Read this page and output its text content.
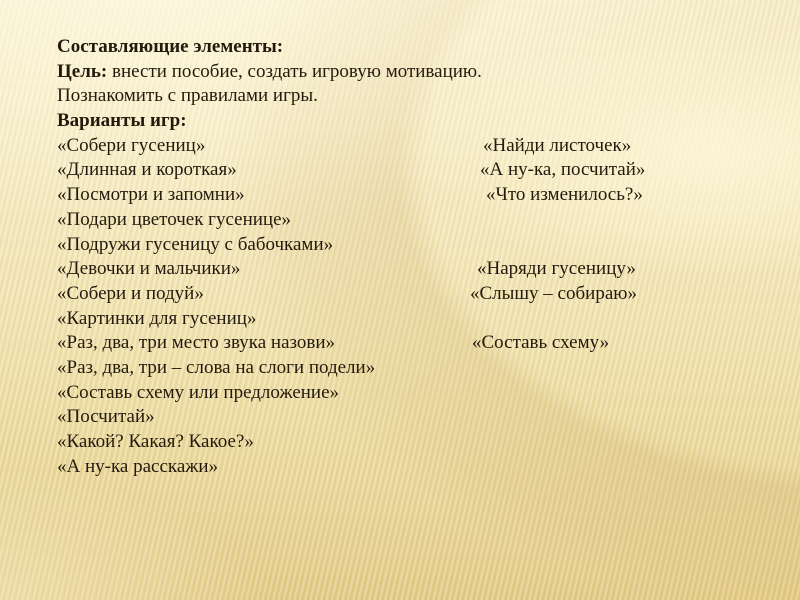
Составляющие элементы:
Цель: внести пособие, создать игровую мотивацию.
Познакомить с правилами игры.
Варианты игр:
«Собери гусениц»	«Найди листочек»
«Длинная и короткая»	«А ну-ка, посчитай»
«Посмотри и запомни»	«Что изменилось?»
«Подари цветочек гусенице»
«Подружи гусеницу с бабочками»
«Девочки и мальчики»	«Наряди гусеницу»
«Собери и подуй»	«Слышу – собираю»
«Картинки для гусениц»
«Раз, два, три место звука назови»	«Составь схему»
«Раз, два, три – слова на слоги подели»
«Составь схему или предложение»
«Посчитай»
«Какой? Какая? Какое?»
«А ну-ка расскажи»
